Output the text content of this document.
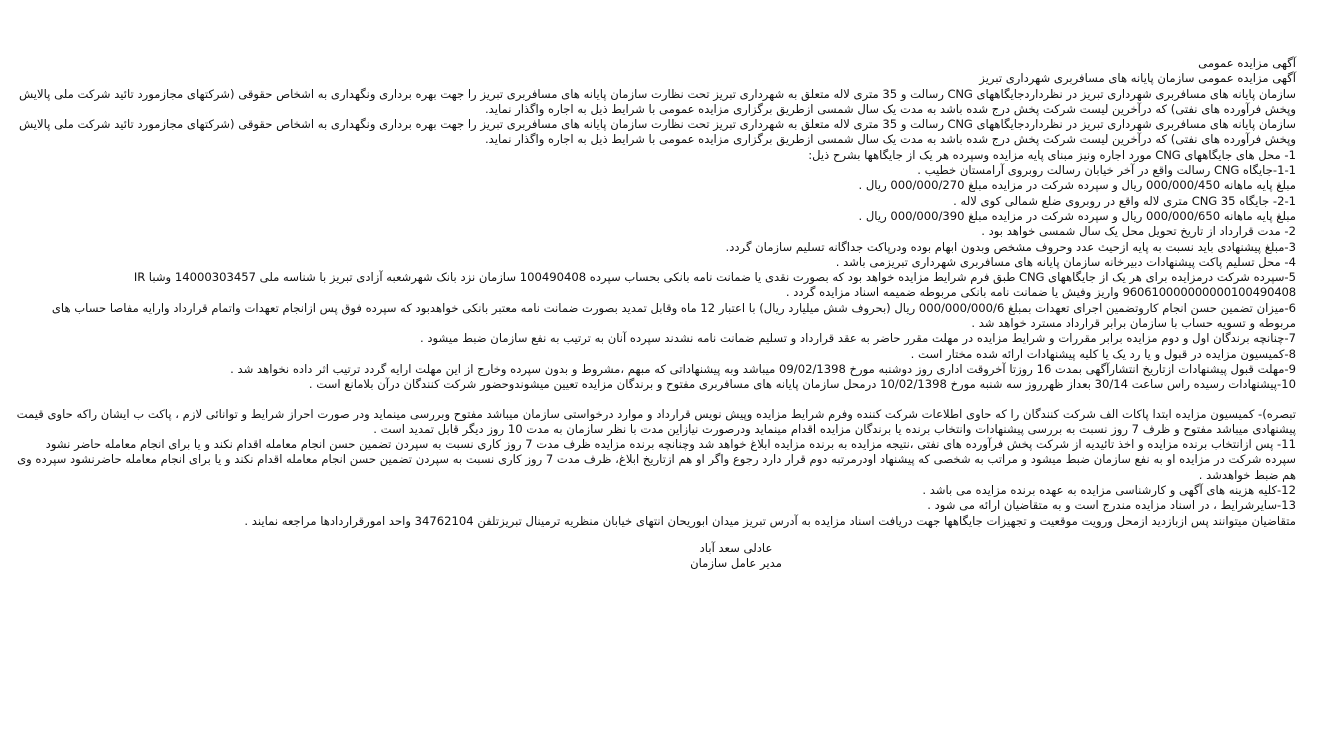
آگهی مزایده عمومی
آگهی مزایده عمومی سازمان پایانه های مسافربری شهرداری تبریز
سازمان پایانه های مسافربری شهرداری تبریز در نظرداردجایگاههای CNG رسالت و 35 متری لاله متعلق به شهرداری تبریز تحت نظارت سازمان پایانه های مسافربری تبریز را جهت بهره برداری ونگهداری به اشخاص حقوقی (شرکتهای مجازمورد تائید شرکت ملی پالایش وپخش فرآورده های نفتی) که درآخرین لیست شرکت پخش درج شده باشد به مدت یک سال شمسی ازطریق برگزاری مزایده عمومی با شرایط ذیل به اجاره واگذار نماید.
سازمان پایانه های مسافربری شهرداری تبریز در نظرداردجایگاههای CNG رسالت و 35 متری لاله متعلق به شهرداری تبریز تحت نظارت سازمان پایانه های مسافربری تبریز را جهت بهره برداری ونگهداری به اشخاص حقوقی (شرکتهای مجازمورد تائید شرکت ملی پالایش وپخش فرآورده های نفتی) که درآخرین لیست شرکت پخش درج شده باشد به مدت یک سال شمسی ازطریق برگزاری مزایده عمومی با شرایط ذیل به اجاره واگذار نماید.
1- محل های جایگاههای CNG مورد اجاره ونیز مبنای پایه مزایده وسپرده هر یک از جایگاهها بشرح ذیل:
1-1-جایگاه CNG رسالت واقع در آخر خیابان رسالت روبروی آرامستان خطیب .
مبلغ پایه ماهانه 000/000/450 ریال و سپرده شرکت در مزایده مبلغ 000/000/270 ریال .
2-1- جایگاه 35 CNG متری لاله واقع در روبروی ضلع شمالی کوی لاله .
مبلغ پایه ماهانه 000/000/650 ریال و سپرده شرکت در مزایده مبلغ 000/000/390 ریال .
2- مدت قرارداد از تاریخ تحویل محل یک سال شمسی خواهد بود .
3-مبلغ پیشنهادی باید نسبت به پایه ازحیث عدد وحروف مشخص وبدون ابهام بوده ودرپاکت جداگانه تسلیم سازمان گردد.
4- محل تسلیم پاکت پیشنهادات دبیرخانه سازمان پایانه های مسافربری شهرداری تبریزمی باشد .
5-سپرده شرکت درمزایده برای هر یک از جایگاههای CNG طبق فرم شرایط مزایده خواهد بود که بصورت نقدی یا ضمانت نامه بانکی بحساب سپرده 100490408 سازمان نزد بانک شهرشعبه آزادی تبریز با شناسه ملی 14000303457 وشبا IR 960610000000000100490408 واریز وفیش یا ضمانت نامه بانکی مربوطه ضمیمه اسناد مزایده گردد .
6-میزان تضمین حسن انجام کاروتضمین اجرای تعهدات بمبلغ 000/000/000/6 ریال (بحروف شش میلیارد ریال) با اعتبار 12 ماه وقابل تمدید بصورت ضمانت نامه معتبر بانکی خواهدبود که سپرده فوق پس ازانجام تعهدات واتمام قرارداد وارایه مفاصا حساب های مربوطه و تسویه حساب با سازمان برابر قرارداد مسترد خواهد شد .
7-چنانچه برندگان اول و دوم مزایده برابر مقررات و شرایط مزایده در مهلت مقرر حاضر به عقد قرارداد و تسلیم ضمانت نامه نشدند سپرده آنان به ترتیب به نفع سازمان ضبط میشود .
8-کمیسیون مزایده در قبول و یا رد یک یا کلیه پیشنهادات ارائه شده مختار است .
9-مهلت قبول پیشنهادات ازتاریخ انتشارآگهی بمدت 16 روزتا آخروقت اداری روز دوشنبه مورخ 09/02/1398 میباشد وبه پیشنهاداتی که مبهم ،مشروط و بدون سپرده وخارج از این مهلت ارایه گردد ترتیب اثر داده نخواهد شد .
10-پیشنهادات رسیده راس ساعت 30/14 بعداز ظهرروز سه شنبه مورخ 10/02/1398 درمحل سازمان پایانه های مسافربری مفتوح و برندگان مزایده تعیین میشوندوحضور شرکت کنندگان درآن بلامانع است .
تبصره)- کمیسیون مزایده ابتدا پاکات الف شرکت کنندگان را که حاوی اطلاعات شرکت کننده وفرم شرایط مزایده وپیش نویس قرارداد و موارد درخواستی سازمان میباشد مفتوح وبررسی مینماید ودر صورت احراز شرایط و توانائی لازم ، پاکت ب ایشان راکه حاوی قیمت پیشنهادی میباشد مفتوح و ظرف 7 روز نسبت به بررسی پیشنهادات وانتخاب برنده یا برندگان مزایده اقدام مینماید ودرصورت نیازاین مدت با نظر سازمان به مدت 10 روز دیگر قابل تمدید است .
11- پس ازانتخاب برنده مزایده و اخذ تائیدیه از شرکت پخش فرآورده های نفتی ،نتیجه مزایده به برنده مزایده ابلاغ خواهد شد وچنانچه برنده مزایده ظرف مدت 7 روز کاری نسبت به سپردن تضمین حسن انجام معامله اقدام نکند و یا برای انجام معامله حاضر نشود سپرده شرکت در مزایده او به نفع سازمان ضبط میشود و مراتب به شخصی که پیشنهاد اودرمرتبه دوم قرار دارد رجوع واگر او هم ازتاریخ ابلاغ، ظرف مدت 7 روز کاری نسبت به سپردن تضمین حسن انجام معامله اقدام نکند و یا برای انجام معامله حاضرنشود سپرده وی هم ضبط خواهدشد .
12-کلیه هزینه های آگهی و کارشناسی مزایده به عهده برنده مزایده می باشد .
13-سایرشرایط ، در اسناد مزایده مندرج است و به متقاضیان ارائه می شود .
متقاضیان میتوانند پس ازبازدید ازمحل ورویت موقعیت و تجهیزات جایگاهها جهت دریافت اسناد مزایده به آدرس تبریز میدان ابوریحان انتهای خیابان منظریه ترمینال تبریزتلفن 34762104 واحد امورقراردادها مراجعه نمایند .
عادلی سعد آباد
مدیر عامل سازمان
